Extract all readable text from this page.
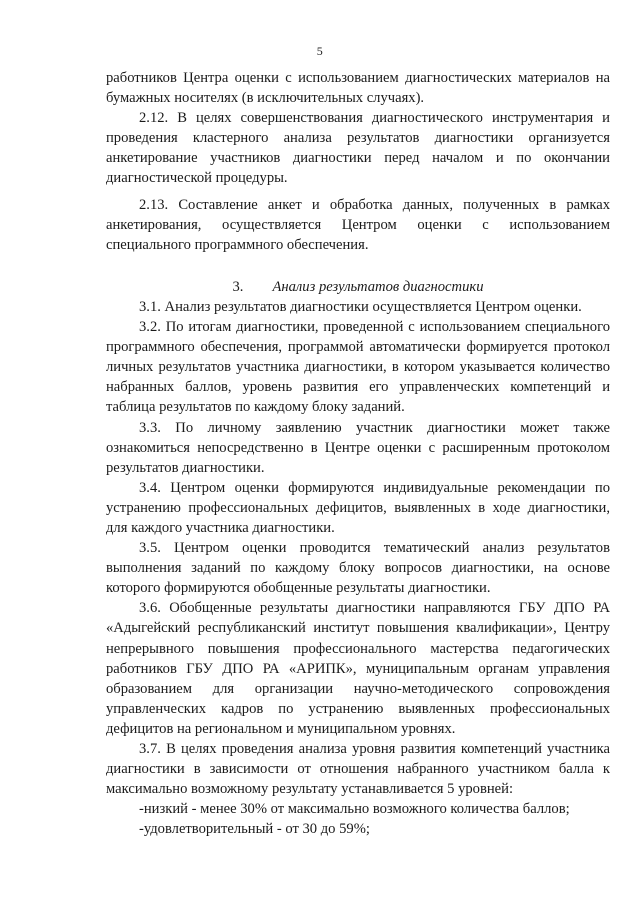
5

работников Центра оценки с использованием диагностических материалов на бумажных носителях (в исключительных случаях).

2.12. В целях совершенствования диагностического инструментария и проведения кластерного анализа результатов диагностики организуется анкетирование участников диагностики перед началом и по окончании диагностической процедуры.

2.13. Составление анкет и обработка данных, полученных в рамках анкетирования, осуществляется Центром оценки с использованием специального программного обеспечения.

3. Анализ результатов диагностики

3.1. Анализ результатов диагностики осуществляется Центром оценки.

3.2. По итогам диагностики, проведенной с использованием специального программного обеспечения, программой автоматически формируется протокол личных результатов участника диагностики, в котором указывается количество набранных баллов, уровень развития его управленческих компетенций и таблица результатов по каждому блоку заданий.

3.3. По личному заявлению участник диагностики может также ознакомиться непосредственно в Центре оценки с расширенным протоколом результатов диагностики.

3.4. Центром оценки формируются индивидуальные рекомендации по устранению профессиональных дефицитов, выявленных в ходе диагностики, для каждого участника диагностики.

3.5. Центром оценки проводится тематический анализ результатов выполнения заданий по каждому блоку вопросов диагностики, на основе которого формируются обобщенные результаты диагностики.

3.6. Обобщенные результаты диагностики направляются ГБУ ДПО РА «Адыгейский республиканский институт повышения квалификации», Центру непрерывного повышения профессионального мастерства педагогических работников ГБУ ДПО РА «АРИПК», муниципальным органам управления образованием для организации научно-методического сопровождения управленческих кадров по устранению выявленных профессиональных дефицитов на региональном и муниципальном уровнях.

3.7. В целях проведения анализа уровня развития компетенций участника диагностики в зависимости от отношения набранного участником балла к максимально возможному результату устанавливается 5 уровней:

-низкий - менее 30% от максимально возможного количества баллов;

-удовлетворительный - от 30 до 59%;
